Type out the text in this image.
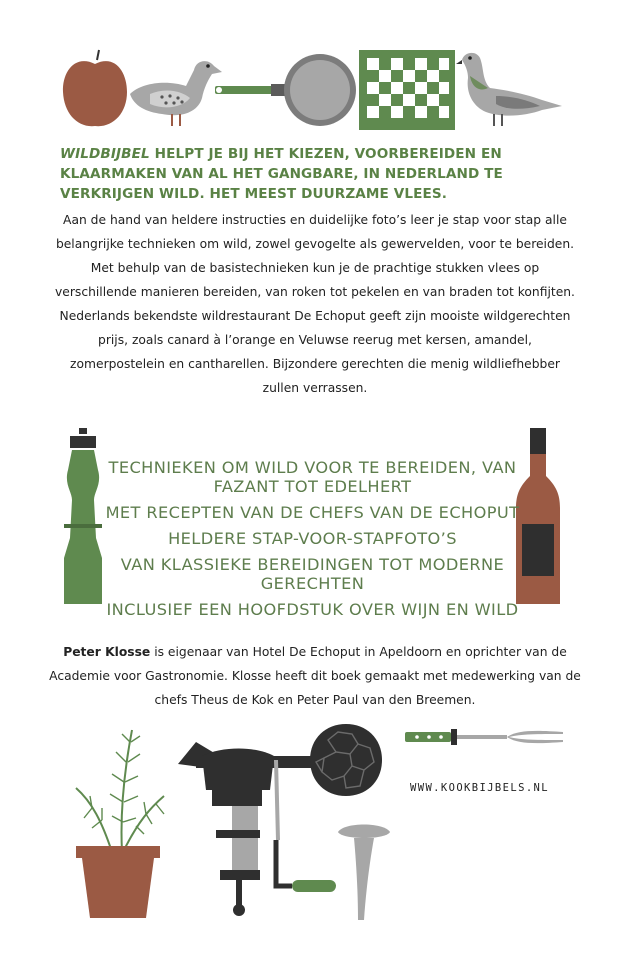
WILDBIJBEL HELPT JE BIJ HET KIEZEN, VOORBEREIDEN EN KLAARMAKEN VAN AL HET GANGBARE, IN NEDERLAND TE VERKRIJGEN WILD. HET MEEST DUURZAME VLEES.
Aan de hand van heldere instructies en duidelijke foto’s leer je stap voor stap alle belangrijke technieken om wild, zowel gevogelte als gewervelden, voor te bereiden. Met behulp van de basistechnieken kun je de prachtige stukken vlees op verschillende manieren bereiden, van roken tot pekelen en van braden tot konfijten. Nederlands bekendste wildrestaurant De Echoput geeft zijn mooiste wildgerechten prijs, zoals canard à l’orange en Veluwse reerug met kersen, amandel, zomerpostelein en cantharellen. Bijzondere gerechten die menig wildliefhebber zullen verrassen.
TECHNIEKEN OM WILD VOOR TE BEREIDEN, VAN FAZANT TOT EDELHERT
MET RECEPTEN VAN DE CHEFS VAN DE ECHOPUT
HELDERE STAP-VOOR-STAPFOTO’S
VAN KLASSIEKE BEREIDINGEN TOT MODERNE GERECHTEN
INCLUSIEF EEN HOOFDSTUK OVER WIJN EN WILD
Peter Klosse is eigenaar van Hotel De Echoput in Apeldoorn en oprichter van de Academie voor Gastronomie. Klosse heeft dit boek gemaakt met medewerking van de chefs Theus de Kok en Peter Paul van den Breemen.
WWW.KOOKBIJBELS.NL
